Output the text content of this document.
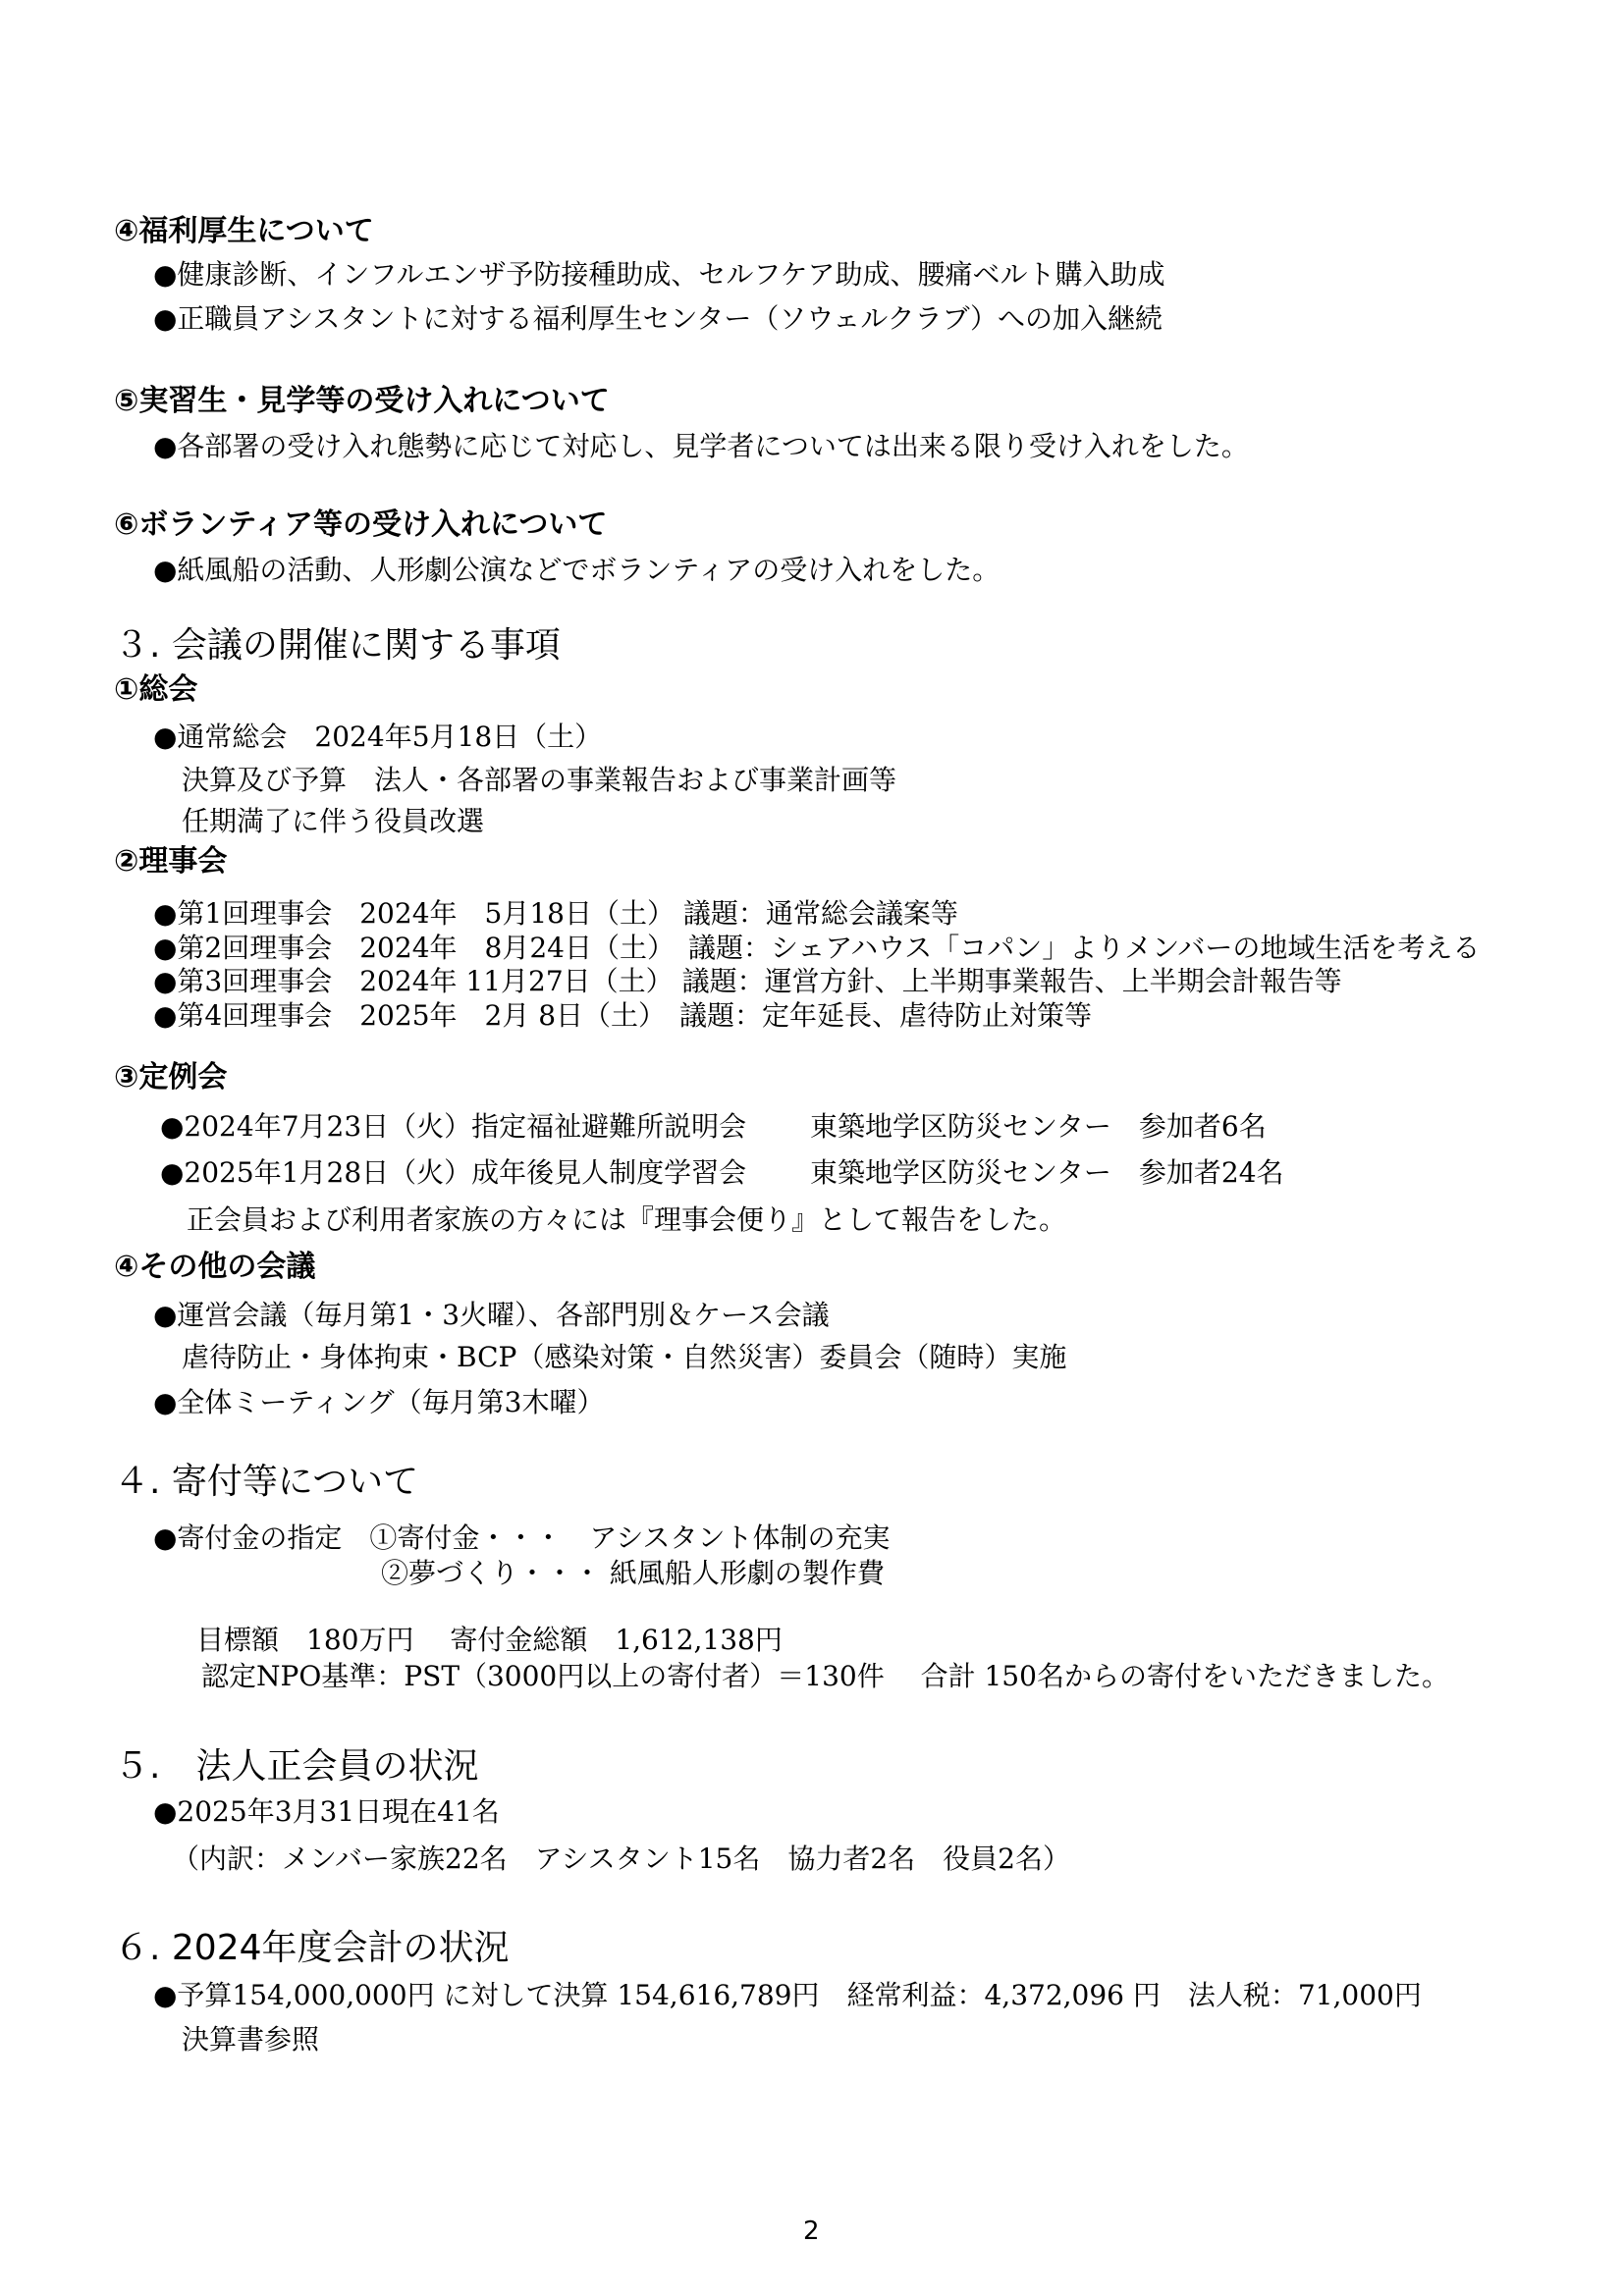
④福利厚生について
●健康診断、インフルエンザ予防接種助成、セルフケア助成、腰痛ベルト購入助成
●正職員アシスタントに対する福利厚生センター（ソウェルクラブ）への加入継続
⑤実習生・見学等の受け入れについて
●各部署の受け入れ態勢に応じて対応し、見学者については出来る限り受け入れをした。
⑥ボランティア等の受け入れについて
●紙風船の活動、人形劇公演などでボランティアの受け入れをした。
３. 会議の開催に関する事項
①総会
●通常総会　2024年5月18日（土）
決算及び予算　法人・各部署の事業報告および事業計画等
任期満了に伴う役員改選
②理事会
●第1回理事会　2024年　5月18日（土） 議題：通常総会議案等
●第2回理事会　2024年　8月24日（土）　議題：シェアハウス「コパン」よりメンバーの地域生活を考える
●第3回理事会　2024年 11月27日（土） 議題：運営方針、上半期事業報告、上半期会計報告等
●第4回理事会　2025年　2月 8日（土）　議題：定年延長、虐待防止対策等
③定例会
●2024年7月23日（火）指定福祉避難所説明会　　 東築地学区防災センター　参加者6名
●2025年1月28日（火）成年後見人制度学習会　　 東築地学区防災センター　参加者24名
正会員および利用者家族の方々には『理事会便り』として報告をした。
④その他の会議
●運営会議（毎月第1・3火曜）、各部門別＆ケース会議
虐待防止・身体拘束・BCP（感染対策・自然災害）委員会（随時）実施
●全体ミーティング（毎月第3木曜）
４. 寄付等について
●寄付金の指定　①寄付金・・・　アシスタント体制の充実
②夢づくり・・・ 紙風船人形劇の製作費
目標額　180万円　 寄付金総額　1,612,138円
認定NPO基準：PST（3000円以上の寄付者）＝130件　 合計 150名からの寄付をいただきました。
５.　法人正会員の状況
●2025年3月31日現在41名
（内訳：メンバー家族22名　アシスタント15名　協力者2名　役員2名）
６. 2024年度会計の状況
●予算154,000,000円 に対して決算 154,616,789円　経常利益：4,372,096 円　法人税：71,000円
決算書参照
2
